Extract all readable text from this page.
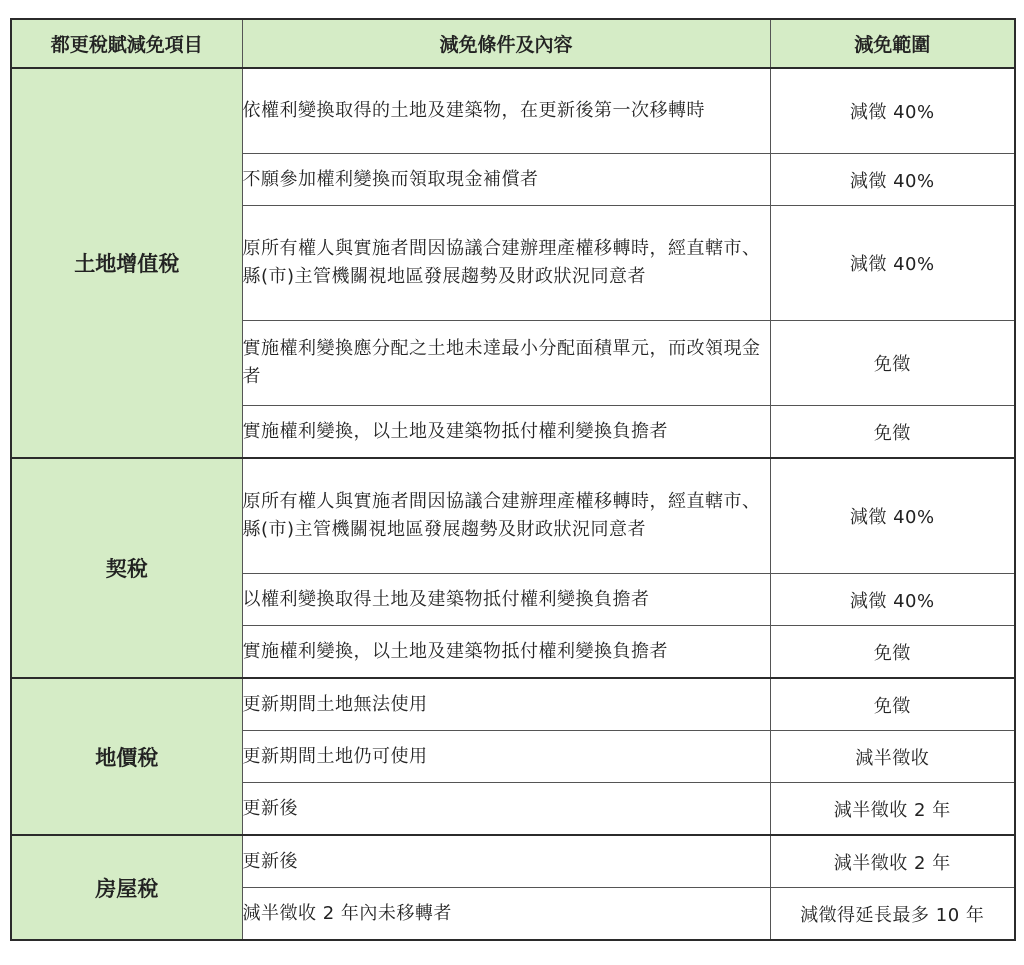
都更稅賦減免項目	減免條件及內容	減免範圍
土地增值稅	依權利變換取得的土地及建築物，在更新後第一次移轉時	減徵 40%
	不願參加權利變換而領取現金補償者	減徵 40%
	原所有權人與實施者間因協議合建辦理產權移轉時，經直轄市、縣(市)主管機關視地區發展趨勢及財政狀況同意者	減徵 40%
	實施權利變換應分配之土地未達最小分配面積單元，而改領現金者	免徵
	實施權利變換，以土地及建築物抵付權利變換負擔者	免徵
契稅	原所有權人與實施者間因協議合建辦理產權移轉時，經直轄市、縣(市)主管機關視地區發展趨勢及財政狀況同意者	減徵 40%
	以權利變換取得土地及建築物抵付權利變換負擔者	減徵 40%
	實施權利變換，以土地及建築物抵付權利變換負擔者	免徵
地價稅	更新期間土地無法使用	免徵
	更新期間土地仍可使用	減半徵收
	更新後	減半徵收 2 年
房屋稅	更新後	減半徵收 2 年
	減半徵收 2 年內未移轉者	減徵得延長最多 10 年
